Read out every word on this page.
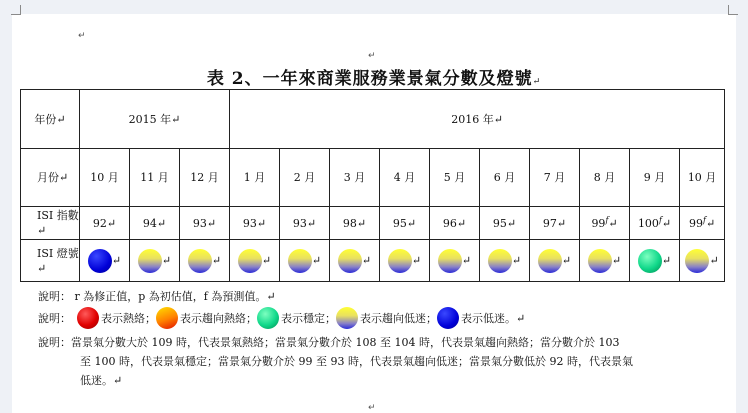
↵
↵
↵
表 2、一年來商業服務業景氣分數及燈號↵
年份↵	2015 年↵			2016 年↵									
月份↵	10 月	11 月	12 月	1 月	2 月	3 月	4 月	5 月	6 月	7 月	8 月	9 月	10 月
ISI 指數↵	92↵	94↵	93↵	93↵	93↵	98↵	95↵	96↵	95↵	97↵	99$^f$↵	100$^f$↵	99$^f$↵
ISI 燈號↵	↵	↵	↵	↵	↵	↵	↵	↵	↵	↵	↵	↵	↵
說明： r 為修正值，p 為初估值，f 為預測值。↵
說明：	表示熱絡； 表示趨向熱絡； 表示穩定； 表示趨向低迷； 表示低迷。 ↵
說明：當景氣分數大於 109 時，代表景氣熱絡；當景氣分數介於 108 至 104 時，代表景氣趨向熱絡；當分數介於 103
至 100 時，代表景氣穩定；當景氣分數介於 99 至 93 時，代表景氣趨向低迷；當景氣分數低於 92 時，代表景氣
低迷。↵
